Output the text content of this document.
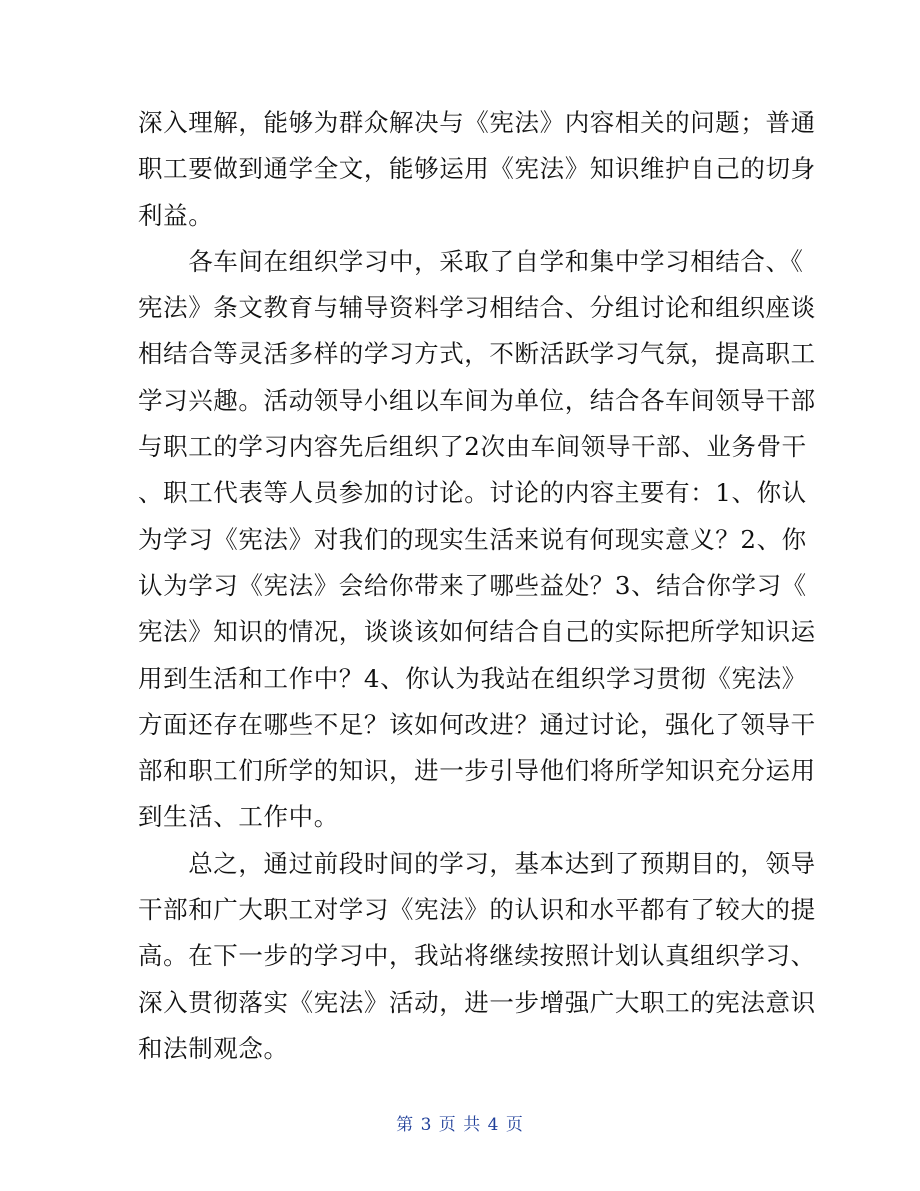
深入理解，能够为群众解决与《宪法》内容相关的问题；普通
职工要做到通学全文，能够运用《宪法》知识维护自己的切身
利益。
　　各车间在组织学习中，采取了自学和集中学习相结合、《
宪法》条文教育与辅导资料学习相结合、分组讨论和组织座谈
相结合等灵活多样的学习方式，不断活跃学习气氛，提高职工
学习兴趣。活动领导小组以车间为单位，结合各车间领导干部
与职工的学习内容先后组织了2次由车间领导干部、业务骨干
、职工代表等人员参加的讨论。讨论的内容主要有：1、你认
为学习《宪法》对我们的现实生活来说有何现实意义？2、你
认为学习《宪法》会给你带来了哪些益处？3、结合你学习《
宪法》知识的情况，谈谈该如何结合自己的实际把所学知识运
用到生活和工作中？4、你认为我站在组织学习贯彻《宪法》
方面还存在哪些不足？该如何改进？通过讨论，强化了领导干
部和职工们所学的知识，进一步引导他们将所学知识充分运用
到生活、工作中。
　　总之，通过前段时间的学习，基本达到了预期目的，领导
干部和广大职工对学习《宪法》的认识和水平都有了较大的提
高。在下一步的学习中，我站将继续按照计划认真组织学习、
深入贯彻落实《宪法》活动，进一步增强广大职工的宪法意识
和法制观念。
第 3 页 共 4 页
